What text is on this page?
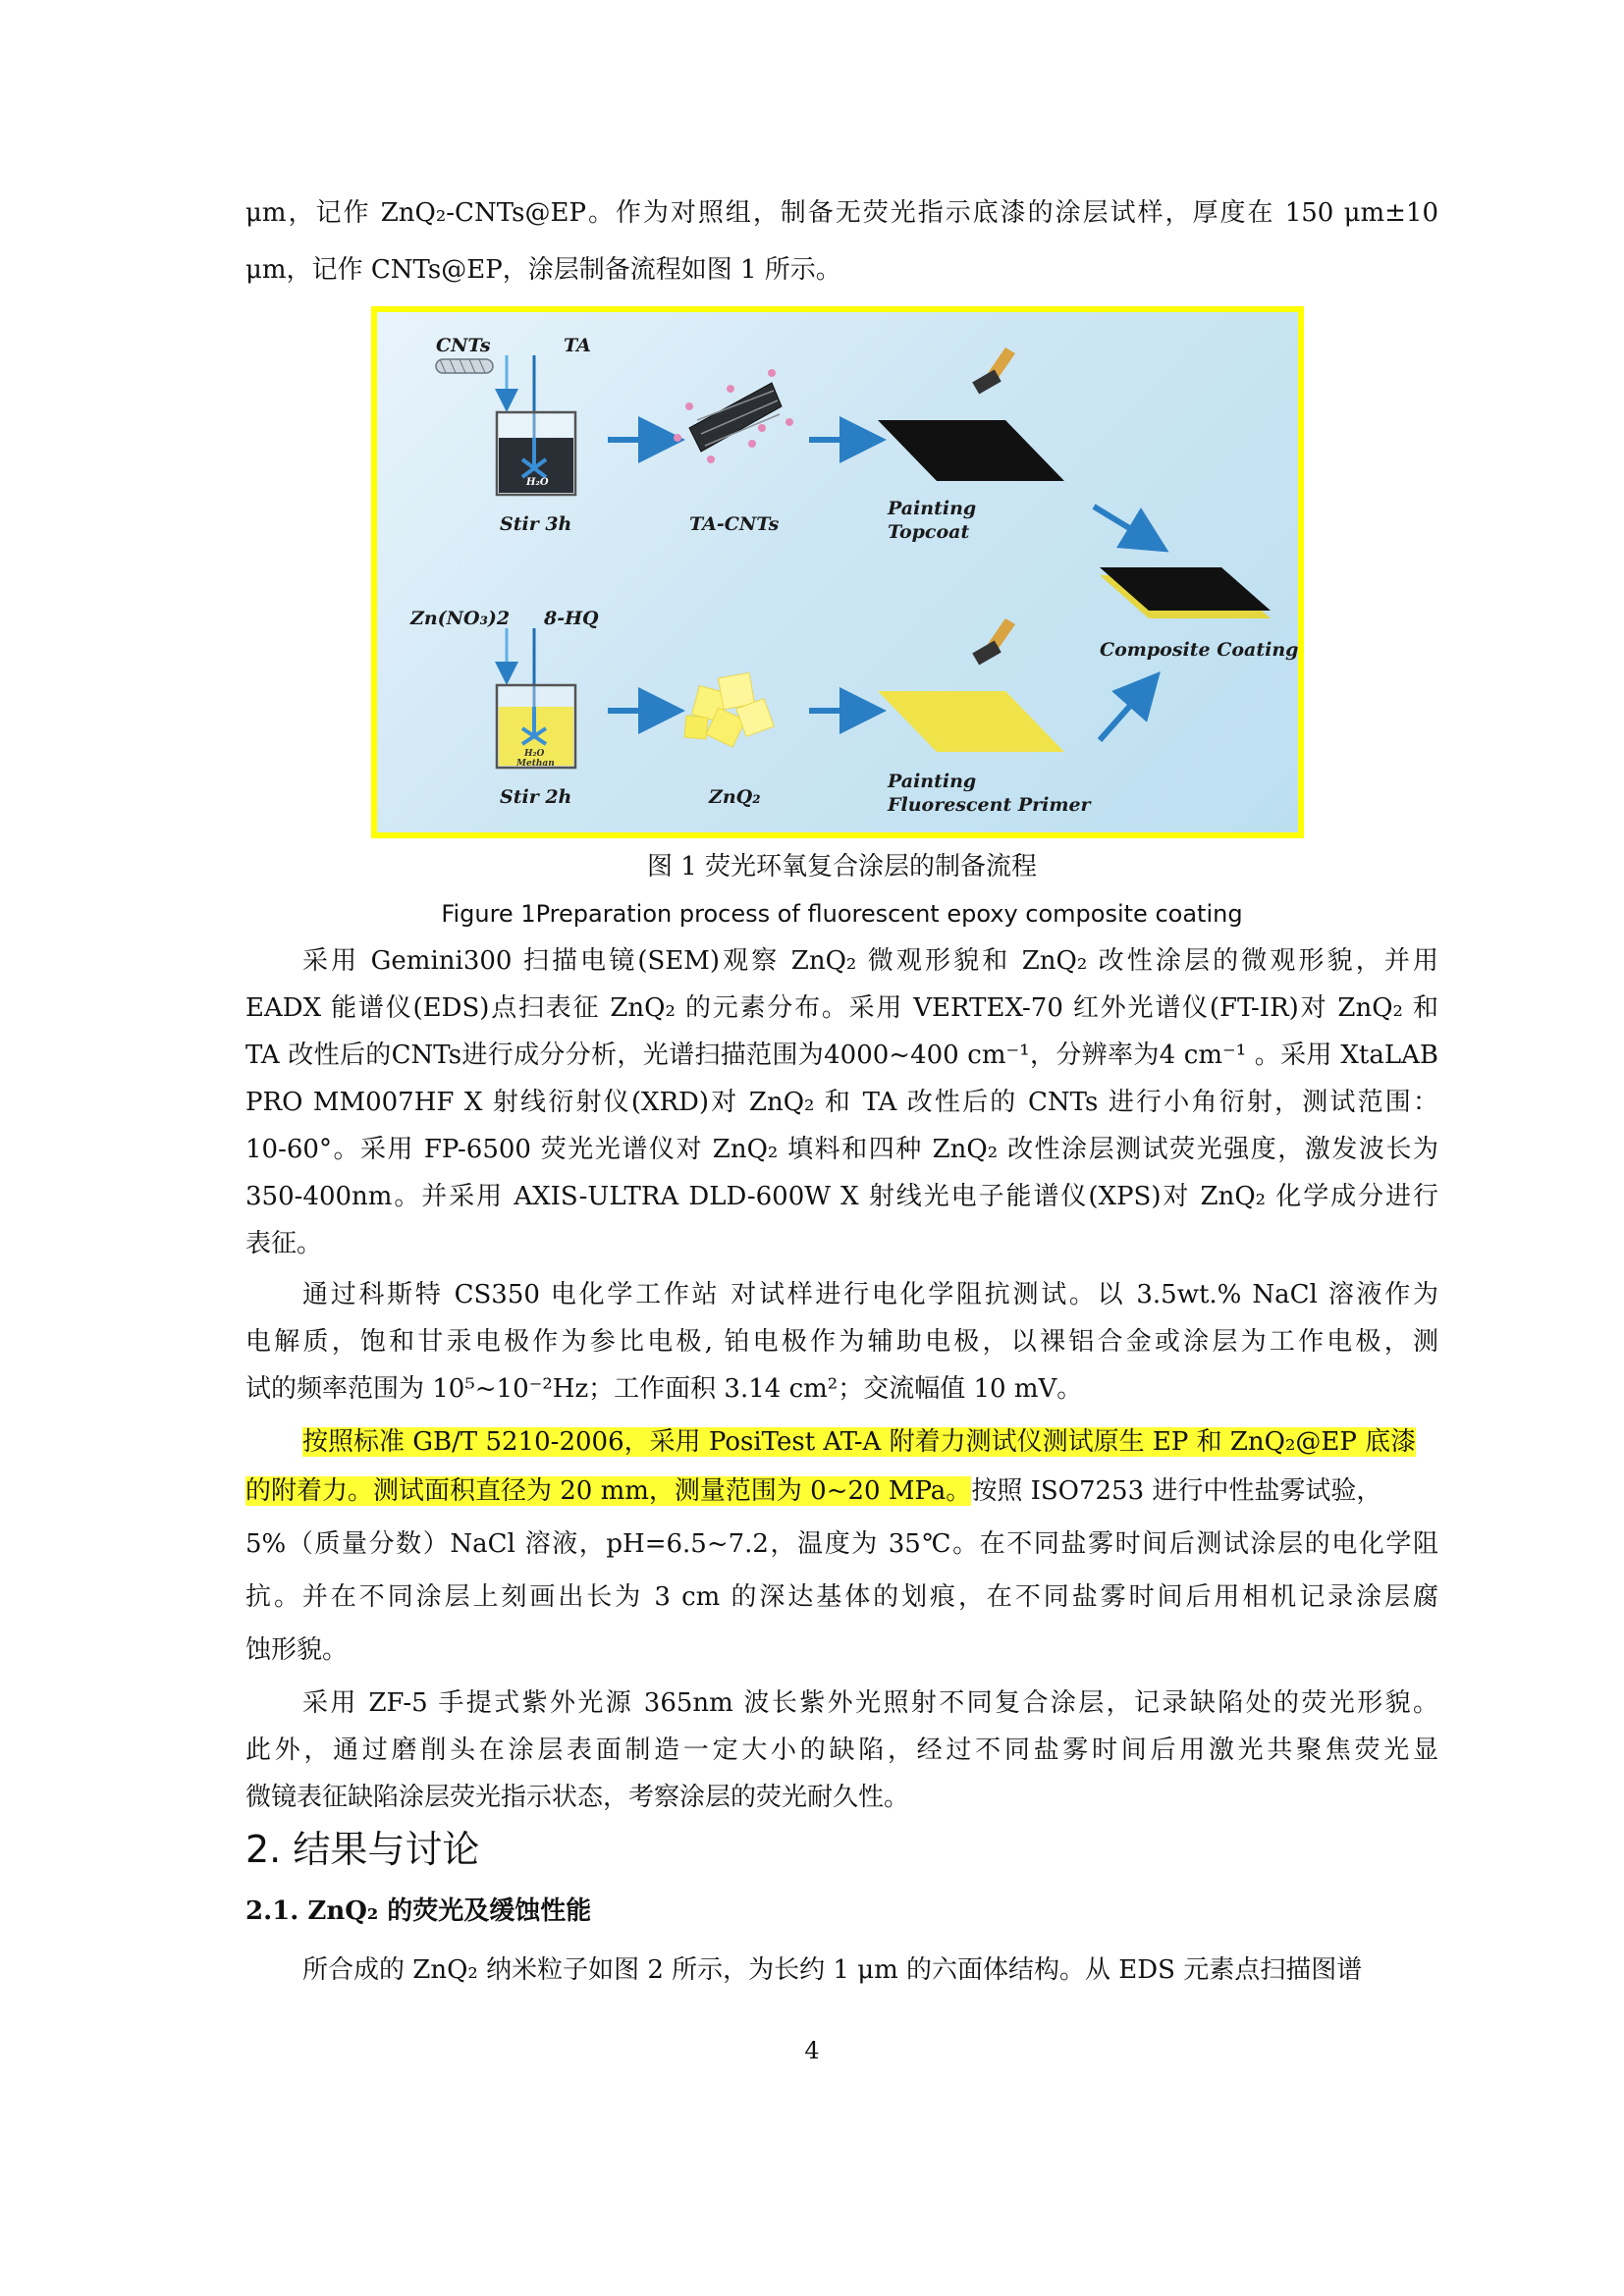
μm，记作 ZnQ₂-CNTs@EP。作为对照组，制备无荧光指示底漆的涂层试样，厚度在 150 μm±10
μm，记作 CNTs@EP，涂层制备流程如图 1 所示。
CNTs	TA
H₂O
Stir 3h	TA-CNTs
Painting
Topcoat
Composite Coating
Zn(NO₃)2 8-HQ
H₂O
Methan
Stir 2h	ZnQ₂
Painting
Fluorescent Primer
图 1 荧光环氧复合涂层的制备流程
Figure 1Preparation process of fluorescent epoxy composite coating
采用 Gemini300 扫描电镜(SEM)观察 ZnQ₂ 微观形貌和 ZnQ₂ 改性涂层的微观形貌，并用
EADX 能谱仪(EDS)点扫表征 ZnQ₂ 的元素分布。采用 VERTEX-70 红外光谱仪(FT-IR)对 ZnQ₂ 和
TA 改性后的CNTs进行成分分析，光谱扫描范围为4000~400 cm⁻¹，分辨率为4 cm⁻¹ 。采用 XtaLAB
PRO MM007HF X 射线衍射仪(XRD)对 ZnQ₂ 和 TA 改性后的 CNTs 进行小角衍射，测试范围：
10-60°。采用 FP-6500 荧光光谱仪对 ZnQ₂ 填料和四种 ZnQ₂ 改性涂层测试荧光强度，激发波长为
350-400nm。并采用 AXIS-ULTRA DLD-600W X 射线光电子能谱仪(XPS)对 ZnQ₂ 化学成分进行
表征。
通过科斯特 CS350 电化学工作站 对试样进行电化学阻抗测试。以 3.5wt.% NaCl 溶液作为
电解质，饱和甘汞电极作为参比电极, 铂电极作为辅助电极，以裸铝合金或涂层为工作电极，测
试的频率范围为 10⁵~10⁻²Hz；工作面积 3.14 cm²；交流幅值 10 mV。
按照标准 GB/T 5210-2006，采用 PosiTest AT-A 附着力测试仪测试原生 EP 和 ZnQ₂@EP 底漆
的附着力。测试面积直径为 20 mm，测量范围为 0~20 MPa。按照 ISO7253 进行中性盐雾试验，
5%（质量分数）NaCl 溶液，pH=6.5~7.2，温度为 35℃。在不同盐雾时间后测试涂层的电化学阻
抗。并在不同涂层上刻画出长为 3 cm 的深达基体的划痕，在不同盐雾时间后用相机记录涂层腐
蚀形貌。
采用 ZF-5 手提式紫外光源 365nm 波长紫外光照射不同复合涂层，记录缺陷处的荧光形貌。
此外，通过磨削头在涂层表面制造一定大小的缺陷，经过不同盐雾时间后用激光共聚焦荧光显
微镜表征缺陷涂层荧光指示状态，考察涂层的荧光耐久性。
2. 结果与讨论
2.1. ZnQ₂ 的荧光及缓蚀性能
所合成的 ZnQ₂ 纳米粒子如图 2 所示，为长约 1 μm 的六面体结构。从 EDS 元素点扫描图谱
4
